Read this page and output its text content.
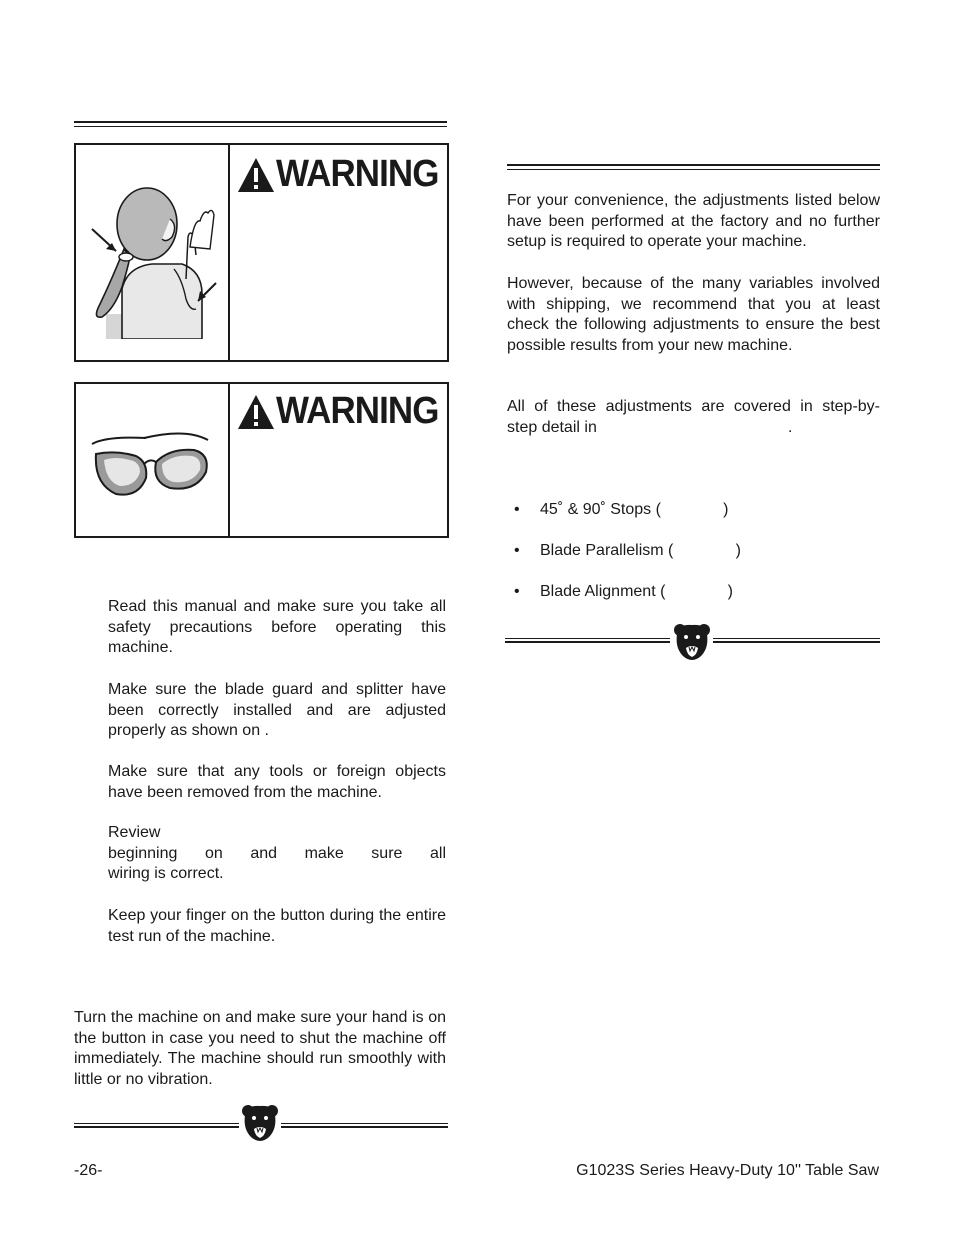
WARNING
WARNING
Read this manual and make sure you take all safety precautions before operating this machine.
Make sure the blade guard and splitter have been correctly installed and are adjusted properly as shown on .
Make sure that any tools or foreign objects have been removed from the machine.
Review
beginning on and make sure all
wiring is correct.
Keep your finger on the button during the entire test run of the machine.
Turn the machine on and make sure your hand is on the button in case you need to shut the machine off immediately. The machine should run smoothly with little or no vibration.
For your convenience, the adjustments listed below have been performed at the factory and no further setup is required to operate your machine.
However, because of the many variables involved with shipping, we recommend that you at least check the following adjustments to ensure the best possible results from your new machine.
All of these adjustments are covered in step-by-
step detail in                                           .
•	45˚ & 90˚ Stops (              )
•	Blade Parallelism (              )
•	Blade Alignment (              )
-26-	G1023S Series Heavy-Duty 10'' Table Saw
